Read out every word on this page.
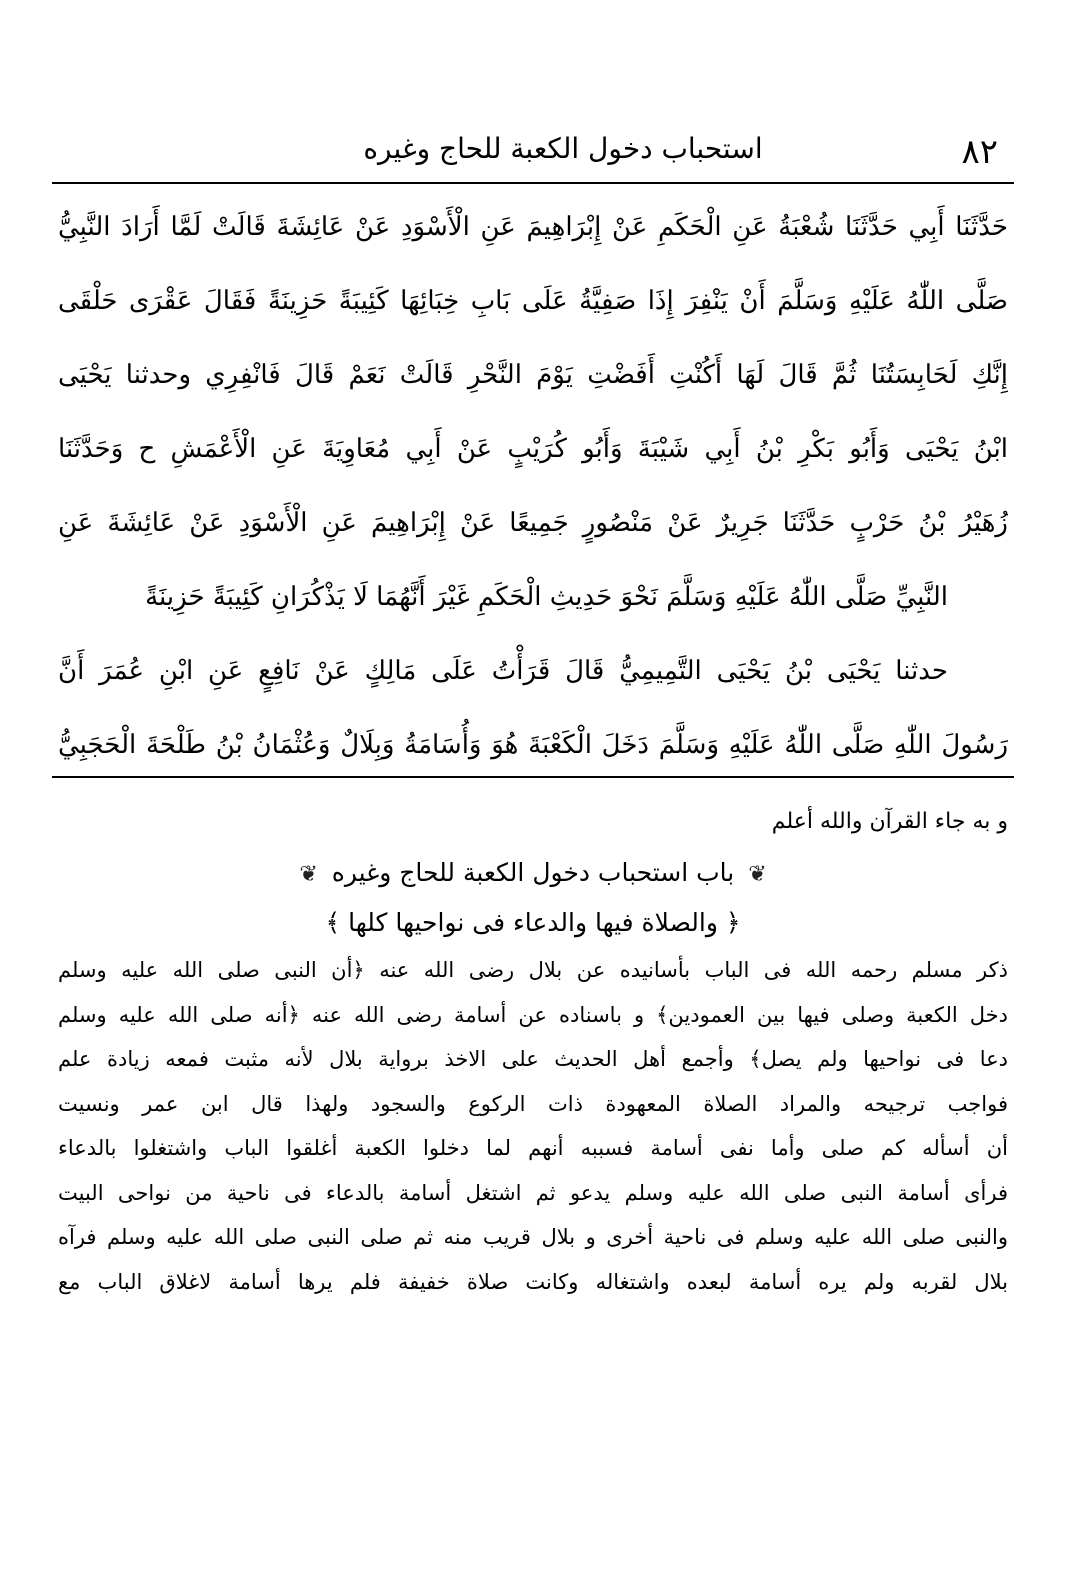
٨٢
استحباب دخول الكعبة للحاج وغيره
حَدَّثَنَا أَبِي حَدَّثَنَا شُعْبَةُ عَنِ الْحَكَمِ عَنْ إِبْرَاهِيمَ عَنِ الْأَسْوَدِ عَنْ عَائِشَةَ قَالَتْ لَمَّا أَرَادَ النَّبِيُّ
صَلَّى اللّٰهُ عَلَيْهِ وَسَلَّمَ أَنْ يَنْفِرَ إِذَا صَفِيَّةُ عَلَى بَابِ خِبَائِهَا كَئِيبَةً حَزِينَةً فَقَالَ عَقْرَى حَلْقَى
إِنَّكِ لَحَابِسَتُنَا ثُمَّ قَالَ لَهَا أَكُنْتِ أَفَضْتِ يَوْمَ النَّحْرِ قَالَتْ نَعَمْ قَالَ فَانْفِرِي وحدثنا يَحْيَى
ابْنُ يَحْيَى وَأَبُو بَكْرِ بْنُ أَبِي شَيْبَةَ وَأَبُو كُرَيْبٍ عَنْ أَبِي مُعَاوِيَةَ عَنِ الْأَعْمَشِ ح وَحَدَّثَنَا
زُهَيْرُ بْنُ حَرْبٍ حَدَّثَنَا جَرِيرٌ عَنْ مَنْصُورٍ جَمِيعًا عَنْ إِبْرَاهِيمَ عَنِ الْأَسْوَدِ عَنْ عَائِشَةَ عَنِ
النَّبِيِّ صَلَّى اللّٰهُ عَلَيْهِ وَسَلَّمَ نَحْوَ حَدِيثِ الْحَكَمِ غَيْرَ أَنَّهُمَا لَا يَذْكُرَانِ كَئِيبَةً حَزِينَةً
حدثنا يَحْيَى بْنُ يَحْيَى التَّمِيمِيُّ قَالَ قَرَأْتُ عَلَى مَالِكٍ عَنْ نَافِعٍ عَنِ ابْنِ عُمَرَ أَنَّ
رَسُولَ اللّٰهِ صَلَّى اللّٰهُ عَلَيْهِ وَسَلَّمَ دَخَلَ الْكَعْبَةَ هُوَ وَأُسَامَةُ وَبِلَالٌ وَعُثْمَانُ بْنُ طَلْحَةَ الْحَجَبِيُّ
و به جاء القرآن والله أعلم
❦ باب استحباب دخول الكعبة للحاج وغيره ❦
﴿ والصلاة فيها والدعاء فى نواحيها كلها ﴾
ذكر مسلم رحمه الله فى الباب بأسانيده عن بلال رضى الله عنه ﴿أن النبى صلى الله عليه وسلم
دخل الكعبة وصلى فيها بين العمودين﴾ و باسناده عن أسامة رضى الله عنه ﴿أنه صلى الله عليه وسلم
دعا فى نواحيها ولم يصل﴾ وأجمع أهل الحديث على الاخذ برواية بلال لأنه مثبت فمعه زيادة علم
فواجب ترجيحه والمراد الصلاة المعهودة ذات الركوع والسجود ولهذا قال ابن عمر ونسيت
أن أسأله كم صلى وأما نفى أسامة فسببه أنهم لما دخلوا الكعبة أغلقوا الباب واشتغلوا بالدعاء
فرأى أسامة النبى صلى الله عليه وسلم يدعو ثم اشتغل أسامة بالدعاء فى ناحية من نواحى البيت
والنبى صلى الله عليه وسلم فى ناحية أخرى و بلال قريب منه ثم صلى النبى صلى الله عليه وسلم فرآه
بلال لقربه ولم يره أسامة لبعده واشتغاله وكانت صلاة خفيفة فلم يرها أسامة لاغلاق الباب مع
